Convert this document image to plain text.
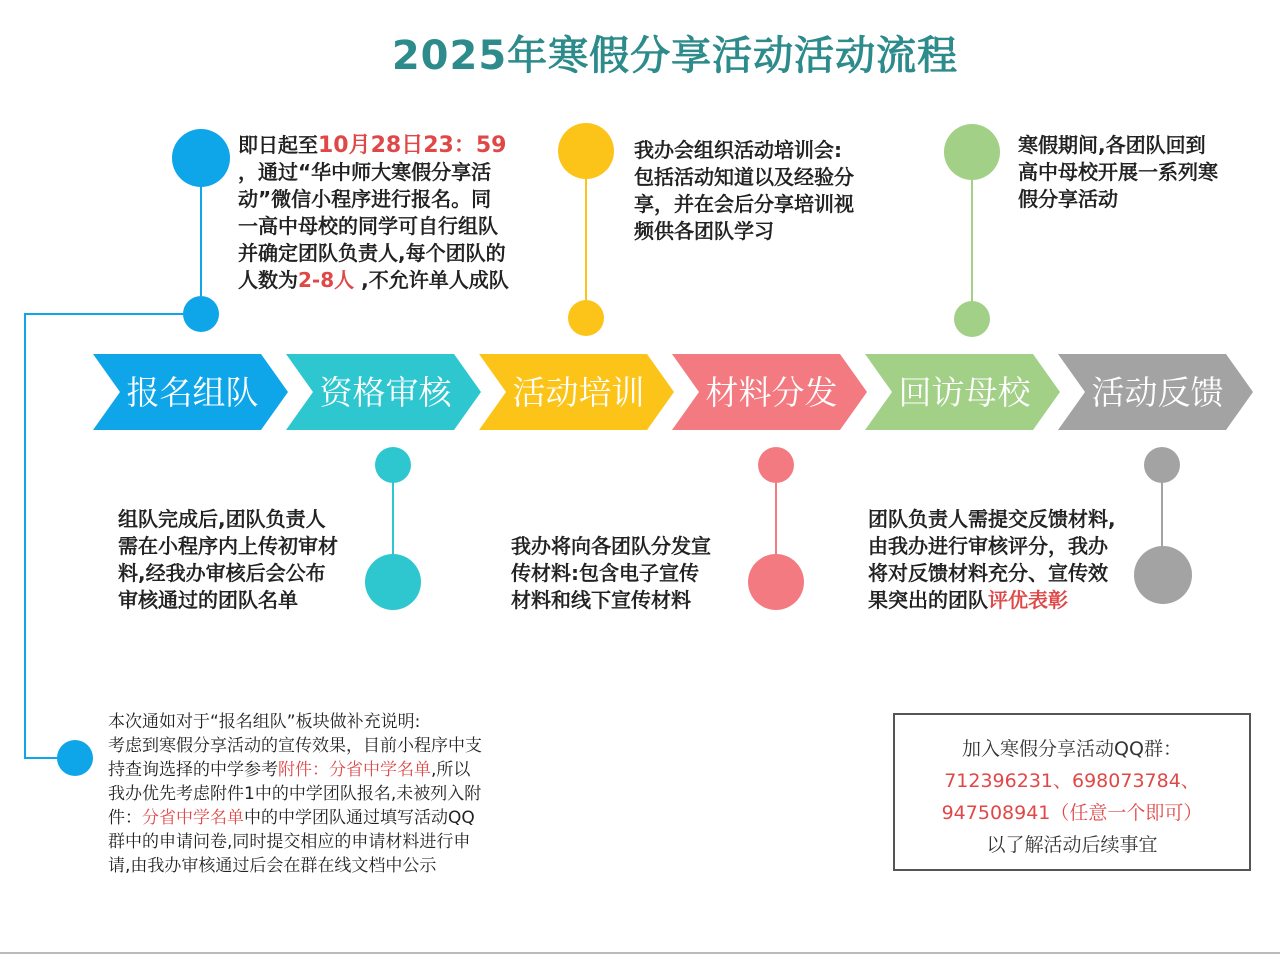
2025年寒假分享活动活动流程
报名组队 资格审核 活动培训 材料分发 回访母校 活动反馈
即日起至10月28日23：59
，通过“华中师大寒假分享活
动”微信小程序进行报名。同
一高中母校的同学可自行组队
并确定团队负责人,每个团队的
人数为2-8人 ,不允许单人成队
我办会组织活动培训会:
包括活动知道以及经验分
享，并在会后分享培训视
频供各团队学习
寒假期间,各团队回到
高中母校开展一系列寒
假分享活动
组队完成后,团队负责人
需在小程序内上传初审材
料,经我办审核后会公布
审核通过的团队名单
我办将向各团队分发宣
传材料:包含电子宣传
材料和线下宣传材料
团队负责人需提交反馈材料,
由我办进行审核评分，我办
将对反馈材料充分、宣传效
果突出的团队评优表彰
本次通如对于“报名组队”板块做补充说明:
考虑到寒假分享活动的宣传效果，目前小程序中支
持查询选择的中学参考附件：分省中学名单,所以
我办优先考虑附件1中的中学团队报名,未被列入附
件：分省中学名单中的中学团队通过填写活动QQ
群中的申请问卷,同时提交相应的申请材料进行申
请,由我办审核通过后会在群在线文档中公示
加入寒假分享活动QQ群：
712396231、698073784、
947508941（任意一个即可）
以了解活动后续事宜
